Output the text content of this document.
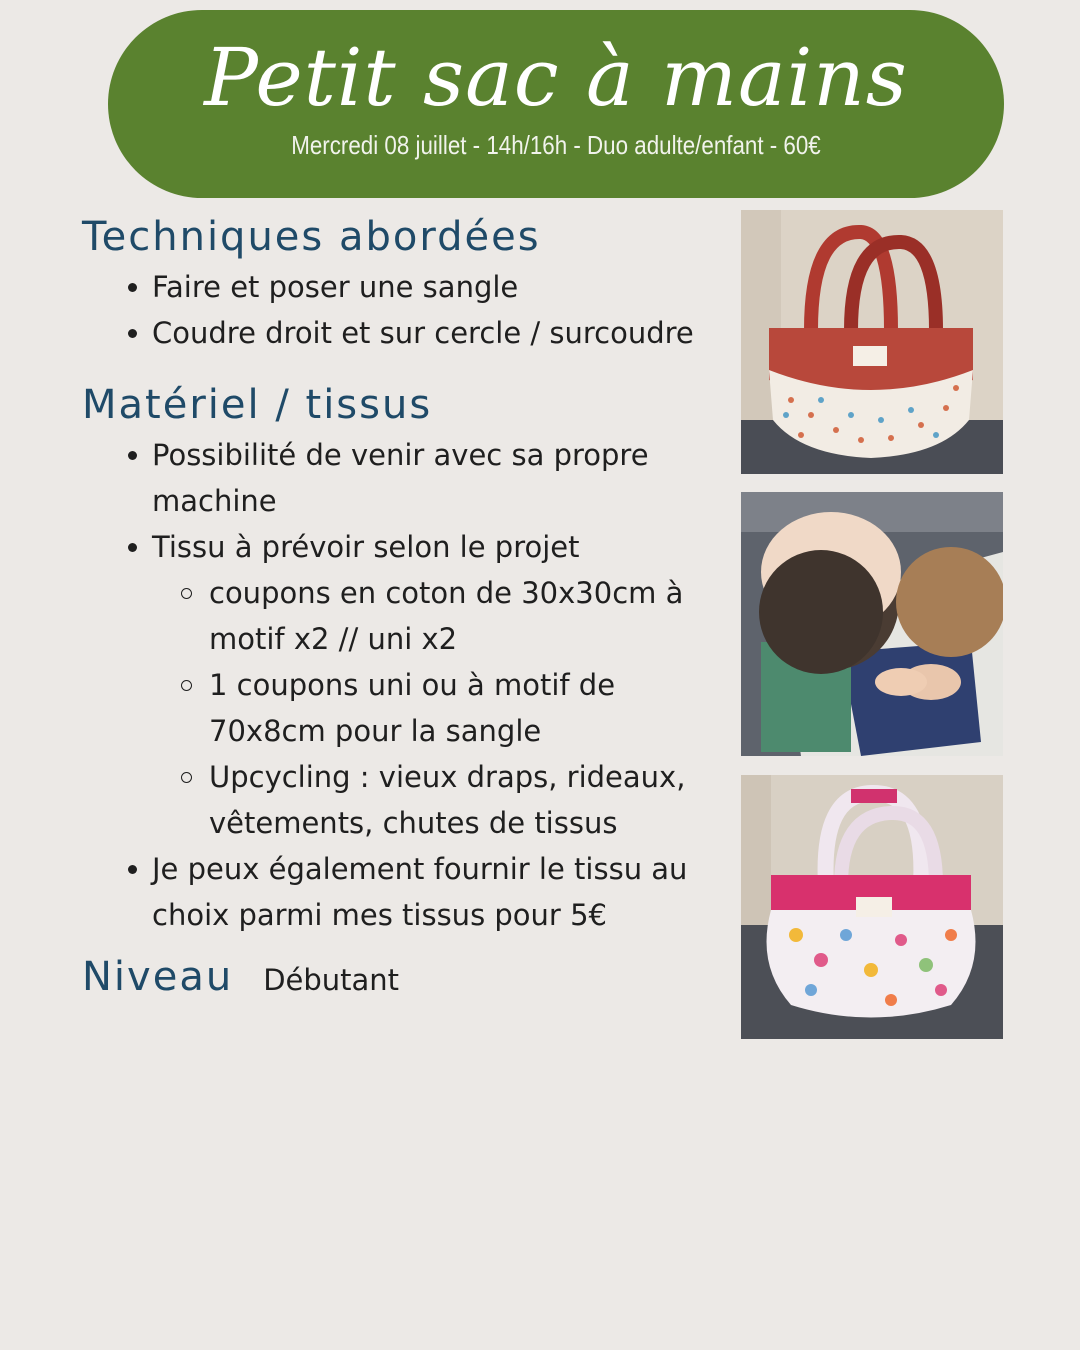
Petit sac à mains
Mercredi 08 juillet - 14h/16h - Duo adulte/enfant - 60€
Techniques abordées
Faire et poser une sangle
Coudre droit et sur cercle / surcoudre
Matériel / tissus
Possibilité de venir avec sa propre machine
Tissu à prévoir selon le projet
coupons en coton de 30x30cm à motif x2 // uni x2
1 coupons uni ou à motif de 70x8cm pour la sangle
Upcycling : vieux draps, rideaux, vêtements, chutes de tissus
Je peux également fournir le tissu au choix parmi mes tissus pour 5€
Niveau Débutant
